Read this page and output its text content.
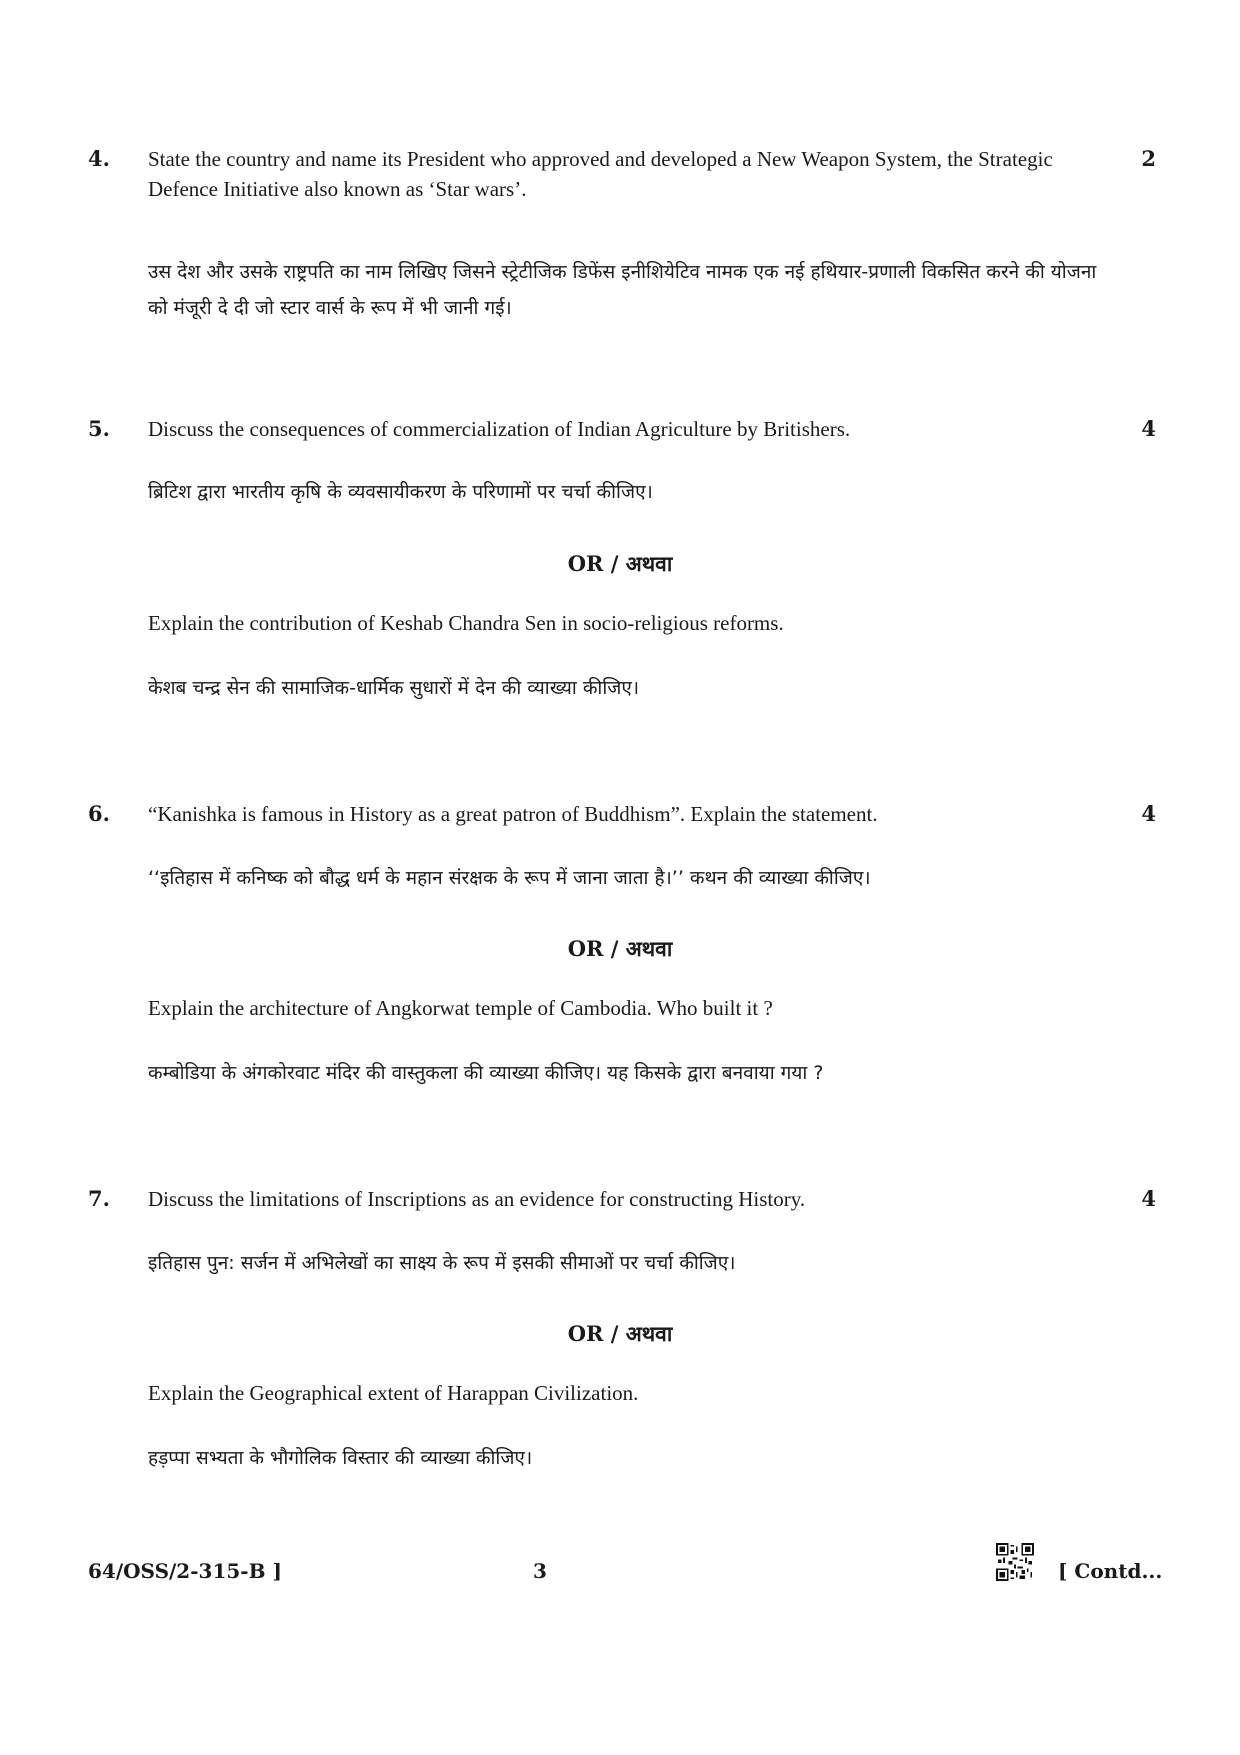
4. State the country and name its President who approved and developed a New Weapon System, the Strategic Defence Initiative also known as ‘Star wars’.
2
उस देश और उसके राष्ट्रपति का नाम लिखिए जिसने स्ट्रेटीजिक डिफेंस इनीशियेटिव नामक एक नई हथियार-प्रणाली विकसित करने की योजना को मंजूरी दे दी जो स्टार वार्स के रूप में भी जानी गई।
5. Discuss the consequences of commercialization of Indian Agriculture by Britishers.	4
ब्रिटिश द्वारा भारतीय कृषि के व्यवसायीकरण के परिणामों पर चर्चा कीजिए।
OR / अथवा
Explain the contribution of Keshab Chandra Sen in socio-religious reforms.
केशब चन्द्र सेन की सामाजिक-धार्मिक सुधारों में देन की व्याख्या कीजिए।
6. “Kanishka is famous in History as a great patron of Buddhism”. Explain the statement.	4
‘‘इतिहास में कनिष्क को बौद्ध धर्म के महान संरक्षक के रूप में जाना जाता है।’’ कथन की व्याख्या कीजिए।
OR / अथवा
Explain the architecture of Angkorwat temple of Cambodia. Who built it ?
कम्बोडिया के अंगकोरवाट मंदिर की वास्तुकला की व्याख्या कीजिए। यह किसके द्वारा बनवाया गया ?
7. Discuss the limitations of Inscriptions as an evidence for constructing History.	4
इतिहास पुन: सर्जन में अभिलेखों का साक्ष्य के रूप में इसकी सीमाओं पर चर्चा कीजिए।
OR / अथवा
Explain the Geographical extent of Harappan Civilization.
हड़प्पा सभ्यता के भौगोलिक विस्तार की व्याख्या कीजिए।
64/OSS/2-315-B ]	3	[ Contd...
